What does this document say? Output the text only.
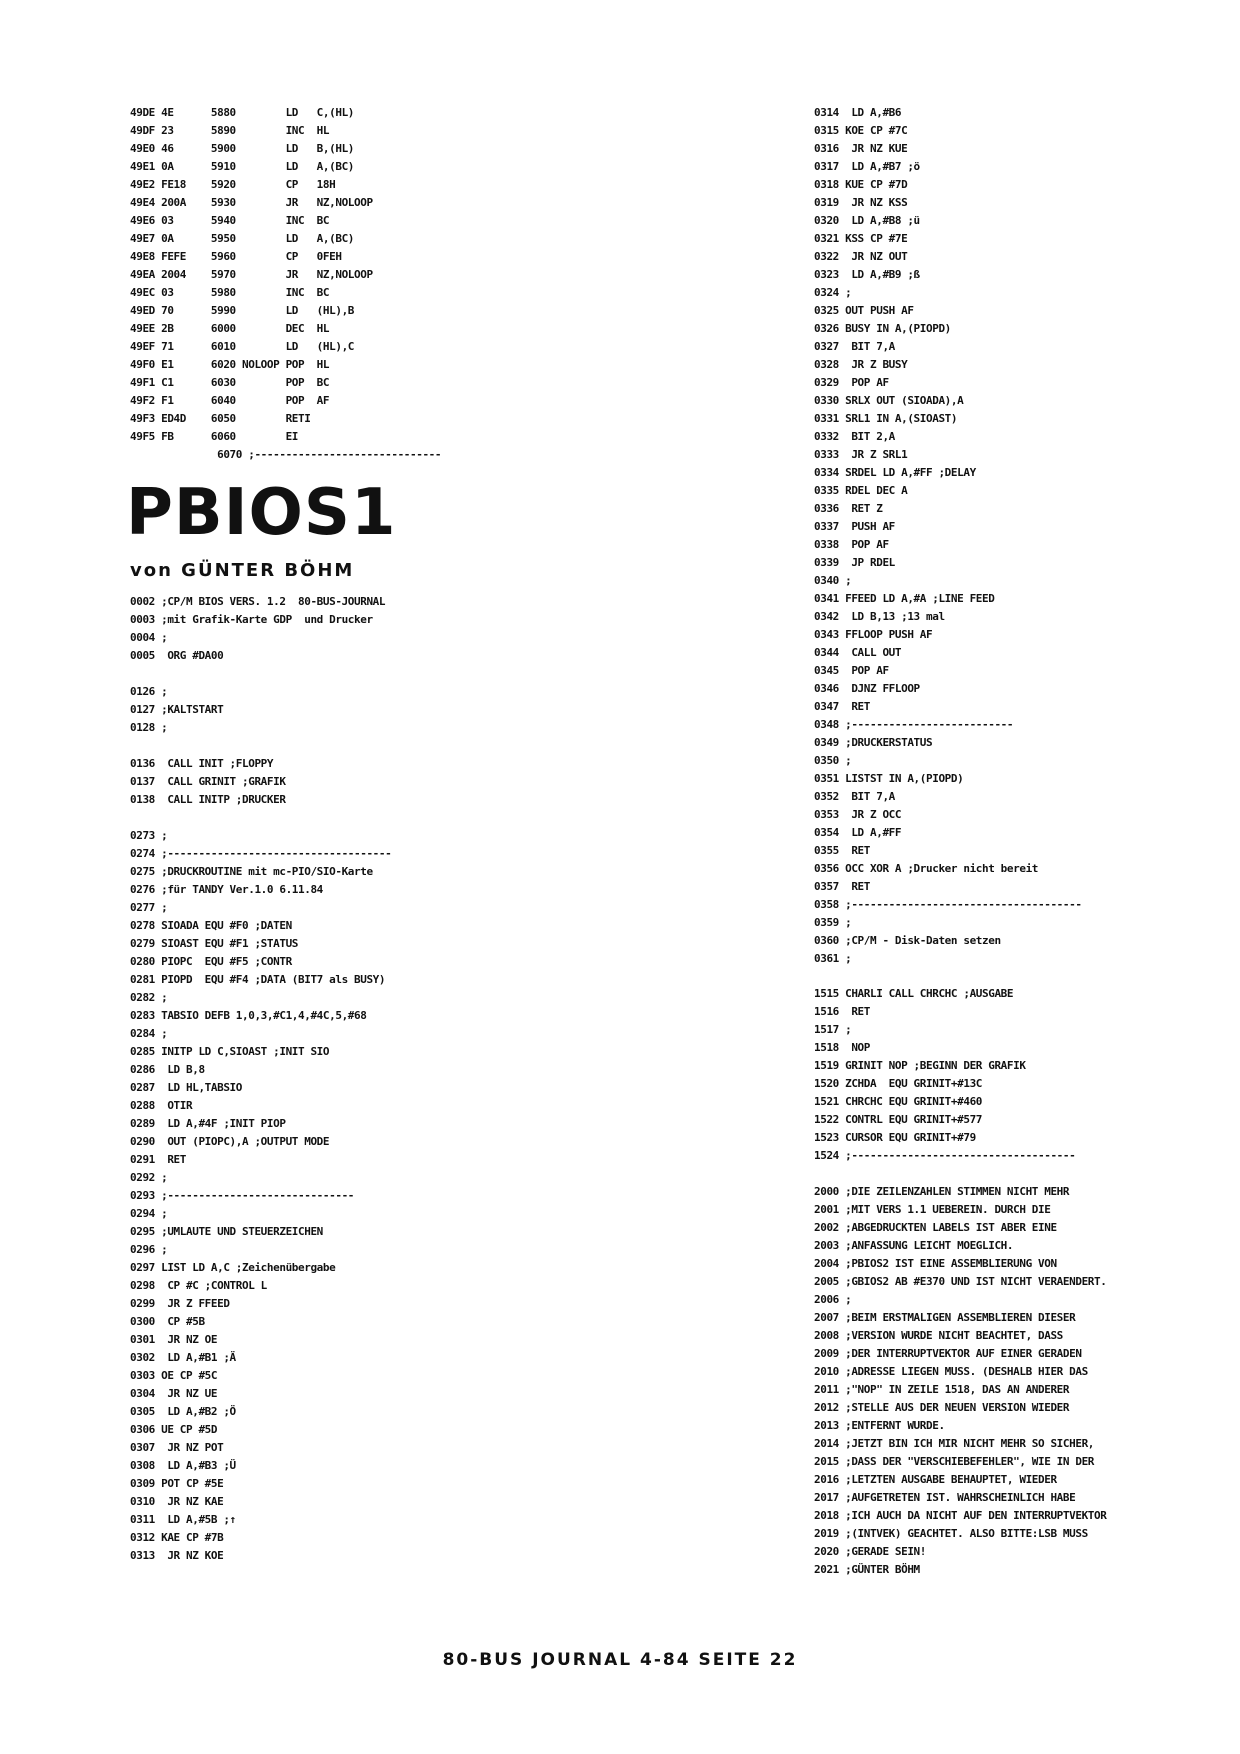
49DE 4E      5880        LD   C,(HL)
49DF 23      5890        INC  HL
49E0 46      5900        LD   B,(HL)
49E1 0A      5910        LD   A,(BC)
49E2 FE18    5920        CP   18H
49E4 200A    5930        JR   NZ,NOLOOP
49E6 03      5940        INC  BC
49E7 0A      5950        LD   A,(BC)
49E8 FEFE    5960        CP   0FEH
49EA 2004    5970        JR   NZ,NOLOOP
49EC 03      5980        INC  BC
49ED 70      5990        LD   (HL),B
49EE 2B      6000        DEC  HL
49EF 71      6010        LD   (HL),C
49F0 E1      6020 NOLOOP POP  HL
49F1 C1      6030        POP  BC
49F2 F1      6040        POP  AF
49F3 ED4D    6050        RETI
49F5 FB      6060        EI
6070 ;------------------------------
PBIOS1
von GÜNTER BÖHM
0002 ;CP/M BIOS VERS. 1.2  80-BUS-JOURNAL
0003 ;mit Grafik-Karte GDP  und Drucker
0004 ;
0005  ORG #DA00
0126 ;
0127 ;KALTSTART
0128 ;
0136  CALL INIT ;FLOPPY
0137  CALL GRINIT ;GRAFIK
0138  CALL INITP ;DRUCKER
0273 ;
0274 ;------------------------------------
0275 ;DRUCKROUTINE mit mc-PIO/SIO-Karte
0276 ;für TANDY Ver.1.0 6.11.84
0277 ;
0278 SIOADA EQU #F0 ;DATEN
0279 SIOAST EQU #F1 ;STATUS
0280 PIOPC  EQU #F5 ;CONTR
0281 PIOPD  EQU #F4 ;DATA (BIT7 als BUSY)
0282 ;
0283 TABSIO DEFB 1,0,3,#C1,4,#4C,5,#68
0284 ;
0285 INITP LD C,SIOAST ;INIT SIO
0286  LD B,8
0287  LD HL,TABSIO
0288  OTIR
0289  LD A,#4F ;INIT PIOP
0290  OUT (PIOPC),A ;OUTPUT MODE
0291  RET
0292 ;
0293 ;------------------------------
0294 ;
0295 ;UMLAUTE UND STEUERZEICHEN
0296 ;
0297 LIST LD A,C ;Zeichenübergabe
0298  CP #C ;CONTROL L
0299  JR Z FFEED
0300  CP #5B
0301  JR NZ OE
0302  LD A,#B1 ;Ä
0303 OE CP #5C
0304  JR NZ UE
0305  LD A,#B2 ;Ö
0306 UE CP #5D
0307  JR NZ POT
0308  LD A,#B3 ;Ü
0309 POT CP #5E
0310  JR NZ KAE
0311  LD A,#5B ;↑
0312 KAE CP #7B
0313  JR NZ KOE
0314  LD A,#B6
0315 KOE CP #7C
0316  JR NZ KUE
0317  LD A,#B7 ;ö
0318 KUE CP #7D
0319  JR NZ KSS
0320  LD A,#B8 ;ü
0321 KSS CP #7E
0322  JR NZ OUT
0323  LD A,#B9 ;ß
0324 ;
0325 OUT PUSH AF
0326 BUSY IN A,(PIOPD)
0327  BIT 7,A
0328  JR Z BUSY
0329  POP AF
0330 SRLX OUT (SIOADA),A
0331 SRL1 IN A,(SIOAST)
0332  BIT 2,A
0333  JR Z SRL1
0334 SRDEL LD A,#FF ;DELAY
0335 RDEL DEC A
0336  RET Z
0337  PUSH AF
0338  POP AF
0339  JP RDEL
0340 ;
0341 FFEED LD A,#A ;LINE FEED
0342  LD B,13 ;13 mal
0343 FFLOOP PUSH AF
0344  CALL OUT
0345  POP AF
0346  DJNZ FFLOOP
0347  RET
0348 ;--------------------------
0349 ;DRUCKERSTATUS
0350 ;
0351 LISTST IN A,(PIOPD)
0352  BIT 7,A
0353  JR Z OCC
0354  LD A,#FF
0355  RET
0356 OCC XOR A ;Drucker nicht bereit
0357  RET
0358 ;-------------------------------------
0359 ;
0360 ;CP/M - Disk-Daten setzen
0361 ;
1515 CHARLI CALL CHRCHC ;AUSGABE
1516  RET
1517 ;
1518  NOP
1519 GRINIT NOP ;BEGINN DER GRAFIK
1520 ZCHDA  EQU GRINIT+#13C
1521 CHRCHC EQU GRINIT+#460
1522 CONTRL EQU GRINIT+#577
1523 CURSOR EQU GRINIT+#79
1524 ;------------------------------------
2000 ;DIE ZEILENZAHLEN STIMMEN NICHT MEHR
2001 ;MIT VERS 1.1 UEBEREIN. DURCH DIE
2002 ;ABGEDRUCKTEN LABELS IST ABER EINE
2003 ;ANFASSUNG LEICHT MOEGLICH.
2004 ;PBIOS2 IST EINE ASSEMBLIERUNG VON
2005 ;GBIOS2 AB #E370 UND IST NICHT VERAENDERT.
2006 ;
2007 ;BEIM ERSTMALIGEN ASSEMBLIEREN DIESER
2008 ;VERSION WURDE NICHT BEACHTET, DASS
2009 ;DER INTERRUPTVEKTOR AUF EINER GERADEN
2010 ;ADRESSE LIEGEN MUSS. (DESHALB HIER DAS
2011 ;"NOP" IN ZEILE 1518, DAS AN ANDERER
2012 ;STELLE AUS DER NEUEN VERSION WIEDER
2013 ;ENTFERNT WURDE.
2014 ;JETZT BIN ICH MIR NICHT MEHR SO SICHER,
2015 ;DASS DER "VERSCHIEBEFEHLER", WIE IN DER
2016 ;LETZTEN AUSGABE BEHAUPTET, WIEDER
2017 ;AUFGETRETEN IST. WAHRSCHEINLICH HABE
2018 ;ICH AUCH DA NICHT AUF DEN INTERRUPTVEKTOR
2019 ;(INTVEK) GEACHTET. ALSO BITTE:LSB MUSS
2020 ;GERADE SEIN!
2021 ;GÜNTER BÖHM
80-BUS JOURNAL 4-84 SEITE 22
